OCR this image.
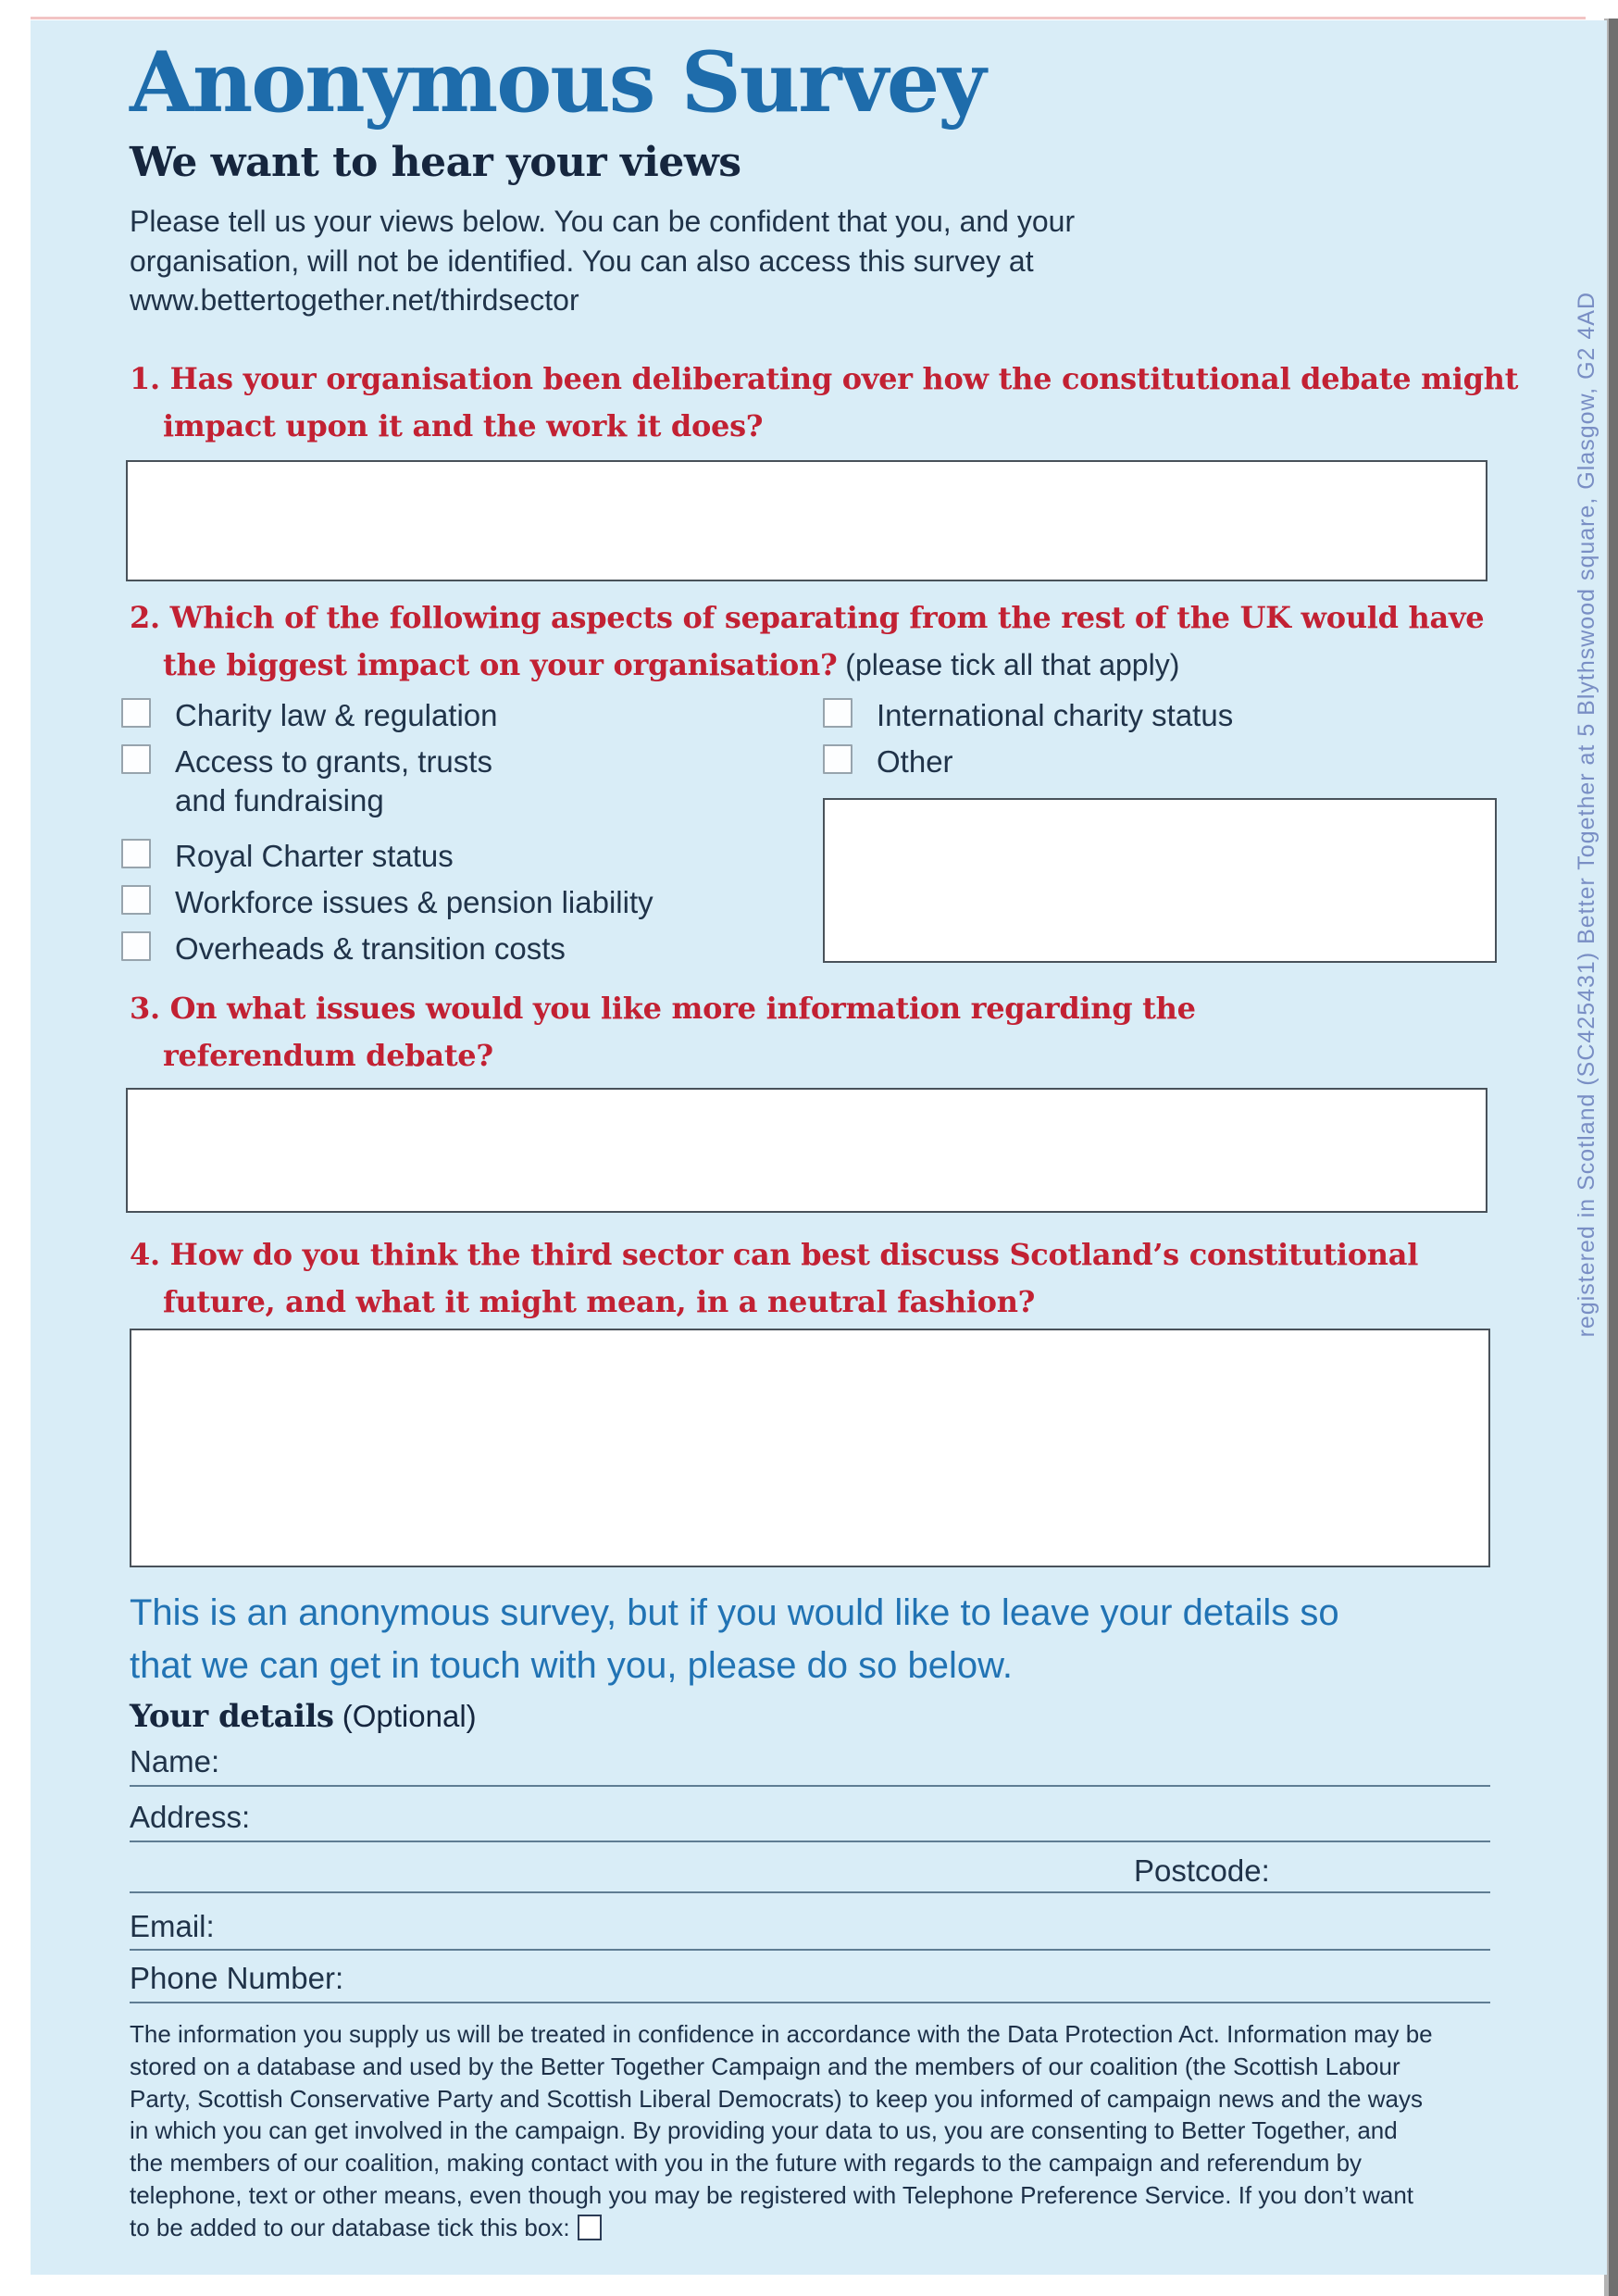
Anonymous Survey
We want to hear your views
Please tell us your views below. You can be confident that you, and your organisation, will not be identified. You can also access this survey at www.bettertogether.net/thirdsector
1. Has your organisation been deliberating over how the constitutional debate might impact upon it and the work it does?
2. Which of the following aspects of separating from the rest of the UK would have the biggest impact on your organisation? (please tick all that apply)
Charity law & regulation
Access to grants, trusts and fundraising
Royal Charter status
Workforce issues & pension liability
Overheads & transition costs
International charity status
Other
3. On what issues would you like more information regarding the referendum debate?
4. How do you think the third sector can best discuss Scotland’s constitutional future, and what it might mean, in a neutral fashion?
This is an anonymous survey, but if you would like to leave your details so that we can get in touch with you, please do so below.
Your details (Optional)
Name:
Address:
Postcode:
Email:
Phone Number:
The information you supply us will be treated in confidence in accordance with the Data Protection Act. Information may be stored on a database and used by the Better Together Campaign and the members of our coalition (the Scottish Labour Party, Scottish Conservative Party and Scottish Liberal Democrats) to keep you informed of campaign news and the ways in which you can get involved in the campaign. By providing your data to us, you are consenting to Better Together, and the members of our coalition, making contact with you in the future with regards to the campaign and referendum by telephone, text or other means, even though you may be registered with Telephone Preference Service. If you don’t want to be added to our database tick this box:
registered in Scotland (SC425431) Better Together at 5 Blythswood square, Glasgow, G2 4AD
